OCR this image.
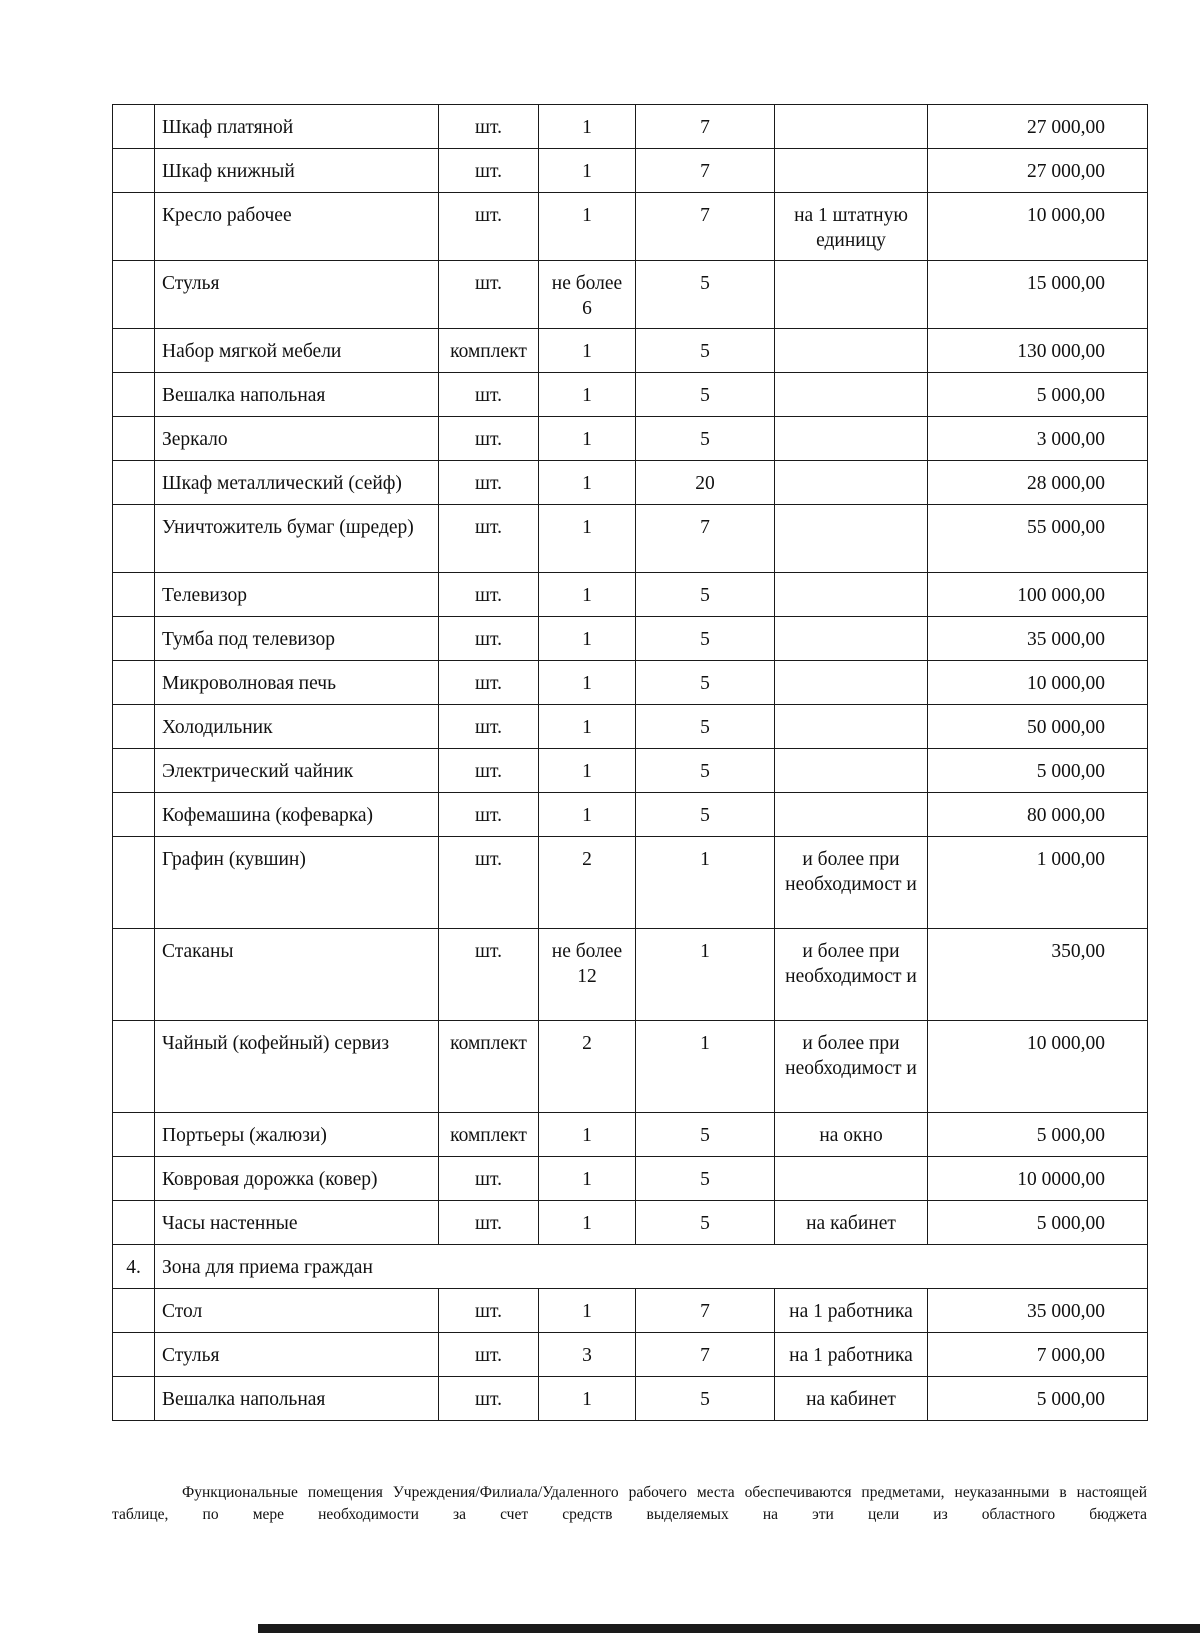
	Шкаф платяной	шт.	1	7		27 000,00
	Шкаф книжный	шт.	1	7		27 000,00
	Кресло рабочее	шт.	1	7	на 1 штатную единицу	10 000,00
	Стулья	шт.	не более 6	5		15 000,00
	Набор мягкой мебели	комплект	1	5		130 000,00
	Вешалка напольная	шт.	1	5		5 000,00
	Зеркало	шт.	1	5		3 000,00
	Шкаф металлический (сейф)	шт.	1	20		28 000,00
	Уничтожитель бумаг (шредер)	шт.	1	7		55 000,00
	Телевизор	шт.	1	5		100 000,00
	Тумба под телевизор	шт.	1	5		35 000,00
	Микроволновая печь	шт.	1	5		10 000,00
	Холодильник	шт.	1	5		50 000,00
	Электрический чайник	шт.	1	5		5 000,00
	Кофемашина (кофеварка)	шт.	1	5		80 000,00
	Графин (кувшин)	шт.	2	1	и более при необходимост и	1 000,00
	Стаканы	шт.	не более 12	1	и более при необходимост и	350,00
	Чайный (кофейный) сервиз	комплект	2	1	и более при необходимост и	10 000,00
	Портьеры (жалюзи)	комплект	1	5	на окно	5 000,00
	Ковровая дорожка (ковер)	шт.	1	5		10 0000,00
	Часы настенные	шт.	1	5	на кабинет	5 000,00
4.	Зона для приема граждан					
	Стол	шт.	1	7	на 1 работника	35 000,00
	Стулья	шт.	3	7	на 1 работника	7 000,00
	Вешалка напольная	шт.	1	5	на кабинет	5 000,00
Функциональные помещения Учреждения/Филиала/Удаленного рабочего места обеспечиваются предметами, неуказанными в настоящей таблице, по мере необходимости за счет средств выделяемых на эти цели из областного бюджета
